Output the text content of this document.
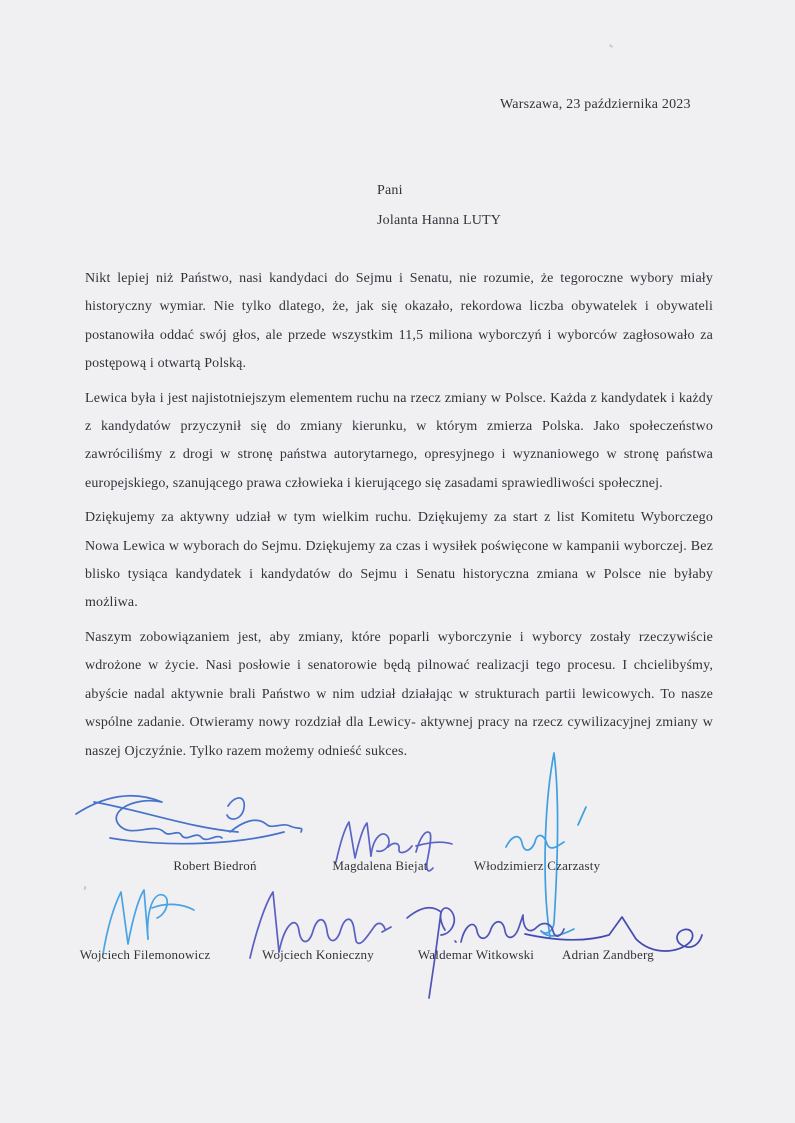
Warszawa, 23 października 2023
Pani
Jolanta Hanna LUTY

Nikt lepiej niż Państwo, nasi kandydaci do Sejmu i Senatu, nie rozumie, że tegoroczne wybory miały historyczny wymiar. Nie tylko dlatego, że, jak się okazało, rekordowa liczba obywatelek i obywateli postanowiła oddać swój głos, ale przede wszystkim 11,5 miliona wyborczyń i wyborców zagłosowało za postępową i otwartą Polską.

Lewica była i jest najistotniejszym elementem ruchu na rzecz zmiany w Polsce. Każda z kandydatek i każdy z kandydatów przyczynił się do zmiany kierunku, w którym zmierza Polska. Jako społeczeństwo zawróciliśmy z drogi w stronę państwa autorytarnego, opresyjnego i wyznaniowego w stronę państwa europejskiego, szanującego prawa człowieka i kierującego się zasadami sprawiedliwości społecznej.

Dziękujemy za aktywny udział w tym wielkim ruchu. Dziękujemy za start z list Komitetu Wyborczego Nowa Lewica w wyborach do Sejmu. Dziękujemy za czas i wysiłek poświęcone w kampanii wyborczej. Bez blisko tysiąca kandydatek i kandydatów do Sejmu i Senatu historyczna zmiana w Polsce nie byłaby możliwa.

Naszym zobowiązaniem jest, aby zmiany, które poparli wyborczynie i wyborcy zostały rzeczywiście wdrożone w życie. Nasi posłowie i senatorowie będą pilnować realizacji tego procesu. I chcielibyśmy, abyście nadal aktywnie brali Państwo w nim udział działając w strukturach partii lewicowych. To nasze wspólne zadanie. Otwieramy nowy rozdział dla Lewicy- aktywnej pracy na rzecz cywilizacyjnej zmiany w naszej Ojczyźnie. Tylko razem możemy odnieść sukces.

Robert Biedroń	Magdalena Biejat	Włodzimierz Czarzasty
Wojciech Filemonowicz	Wojciech Konieczny	Waldemar Witkowski	Adrian Zandberg
